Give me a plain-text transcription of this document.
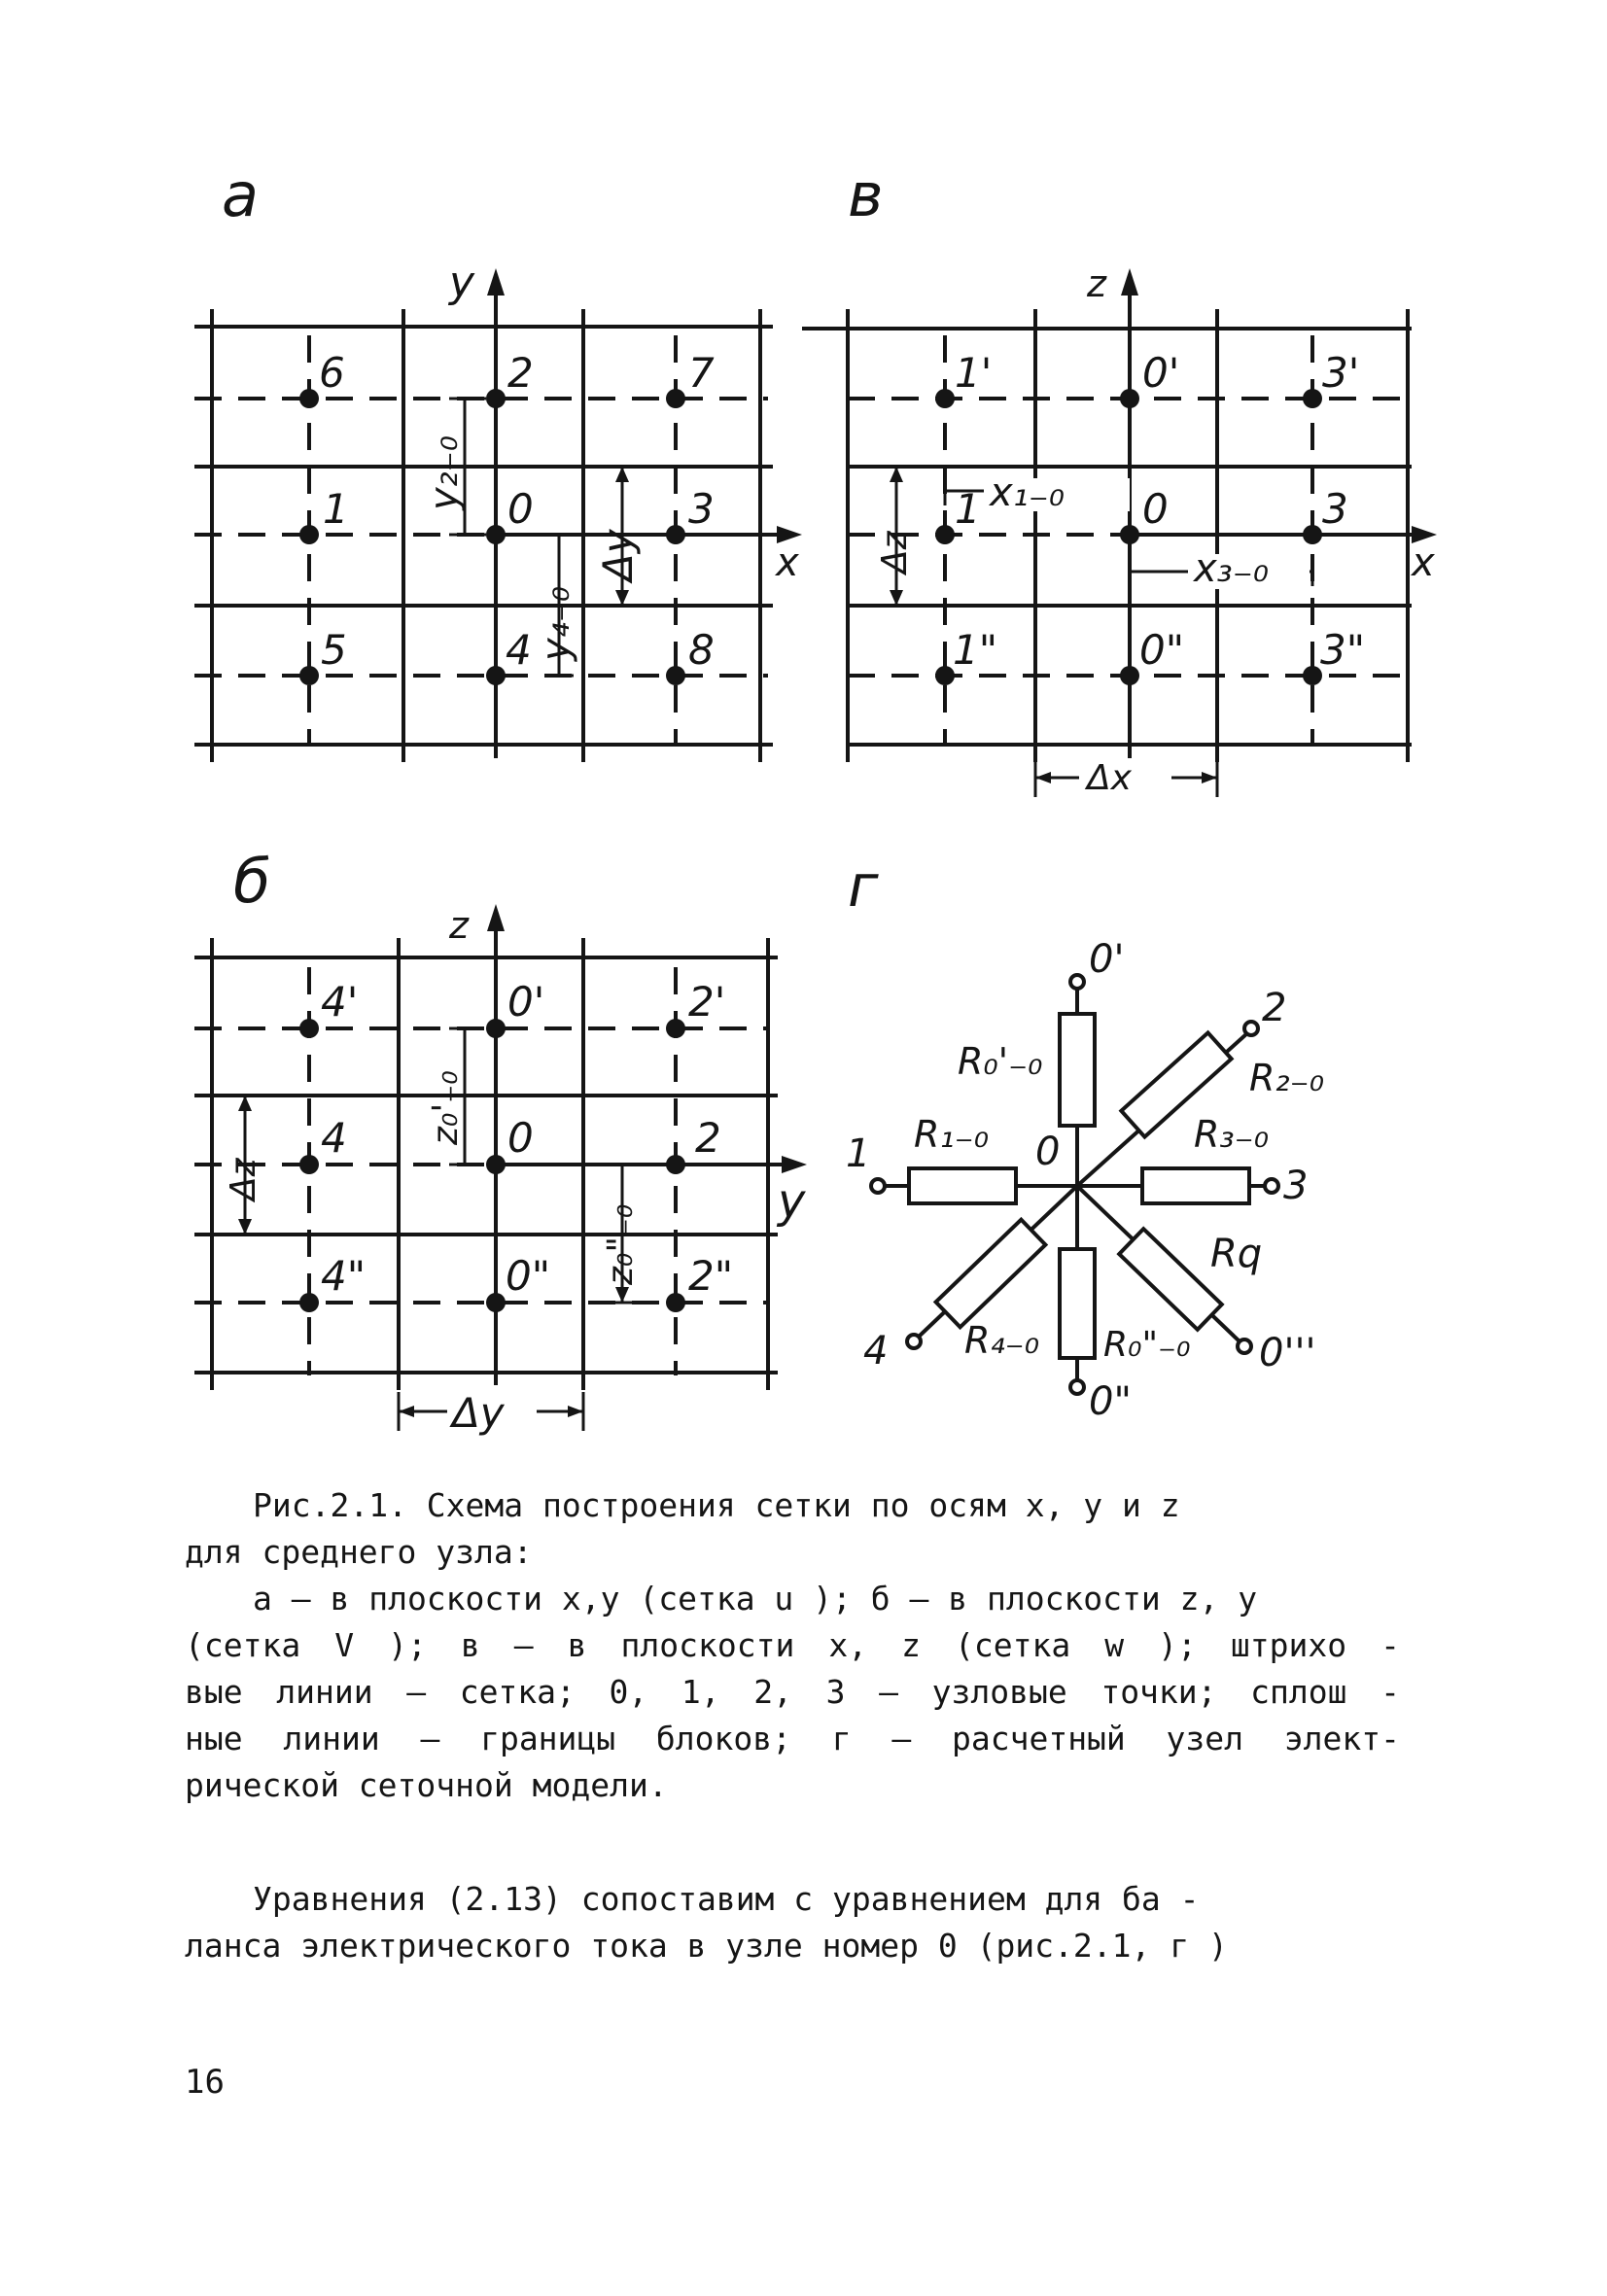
а
y
x
6	2	7
1	0	3
5	4	8
y₂₋₀
y₄₋₀
Δy
в
z
x
1'	0'	3'
1	0	3
1"	0"	3"
Δz
x₁₋₀
x₃₋₀
Δx
б
z
y
4'	0'	2'
4	0	2
4"	0"	2"
Δz
z₀'₋₀
z₀"₋₀
Δy
г
0'
2
1
3
4	0'''
0"
0
R₀'₋₀	R₂₋₀
R₃₋₀
R₁₋₀
Rq
R₄₋₀ R₀"₋₀

Рис.2.1. Схема построения сетки по осям x, y и z

для среднего узла:

а – в плоскости x,y (сетка u ); б – в плоскости z, y

(сетка V ); в – в плоскости x, z (сетка w ); штрихо -

вые линии – сетка; 0, 1, 2, 3 – узловые точки; сплош -

ные линии – границы блоков; г – расчетный узел элект-

рической сеточной модели.

Уравнения (2.13) сопоставим с уравнением для ба -

ланса электрического тока в узле номер 0 (рис.2.1, г )

16
